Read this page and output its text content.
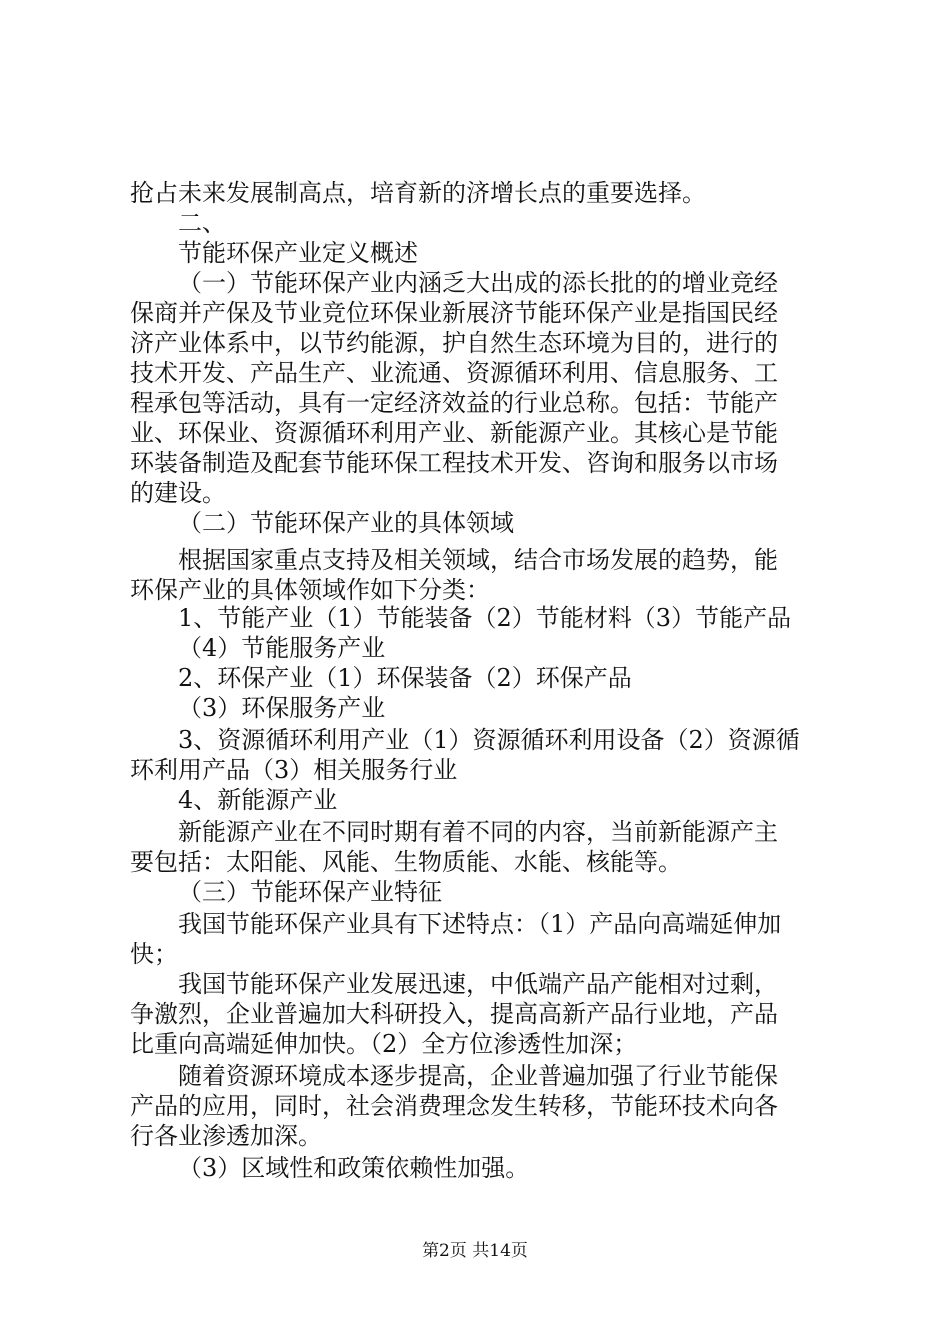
抢占未来发展制高点，培育新的济增长点的重要选择。
二、
节能环保产业定义概述
（一）节能环保产业内涵乏大出成的添长批的的增业竞经
保商并产保及节业竞位环保业新展济节能环保产业是指国民经
济产业体系中，以节约能源，护自然生态环境为目的，进行的
技术开发、产品生产、业流通、资源循环利用、信息服务、工
程承包等活动，具有一定经济效益的行业总称。包括：节能产
业、环保业、资源循环利用产业、新能源产业。其核心是节能
环装备制造及配套节能环保工程技术开发、咨询和服务以市场
的建设。
（二）节能环保产业的具体领域
根据国家重点支持及相关领域，结合市场发展的趋势，能
环保产业的具体领域作如下分类：
1、节能产业（1）节能装备（2）节能材料（3）节能产品
（4）节能服务产业
2、环保产业（1）环保装备（2）环保产品
（3）环保服务产业
3、资源循环利用产业（1）资源循环利用设备（2）资源循
环利用产品（3）相关服务行业
4、新能源产业
新能源产业在不同时期有着不同的内容，当前新能源产主
要包括：太阳能、风能、生物质能、水能、核能等。
（三）节能环保产业特征
我国节能环保产业具有下述特点：（1）产品向高端延伸加
快；
我国节能环保产业发展迅速，中低端产品产能相对过剩，
争激烈，企业普遍加大科研投入，提高高新产品行业地，产品
比重向高端延伸加快。（2）全方位渗透性加深；
随着资源环境成本逐步提高，企业普遍加强了行业节能保
产品的应用，同时，社会消费理念发生转移，节能环技术向各
行各业渗透加深。
（3）区域性和政策依赖性加强。
第2页 共14页
